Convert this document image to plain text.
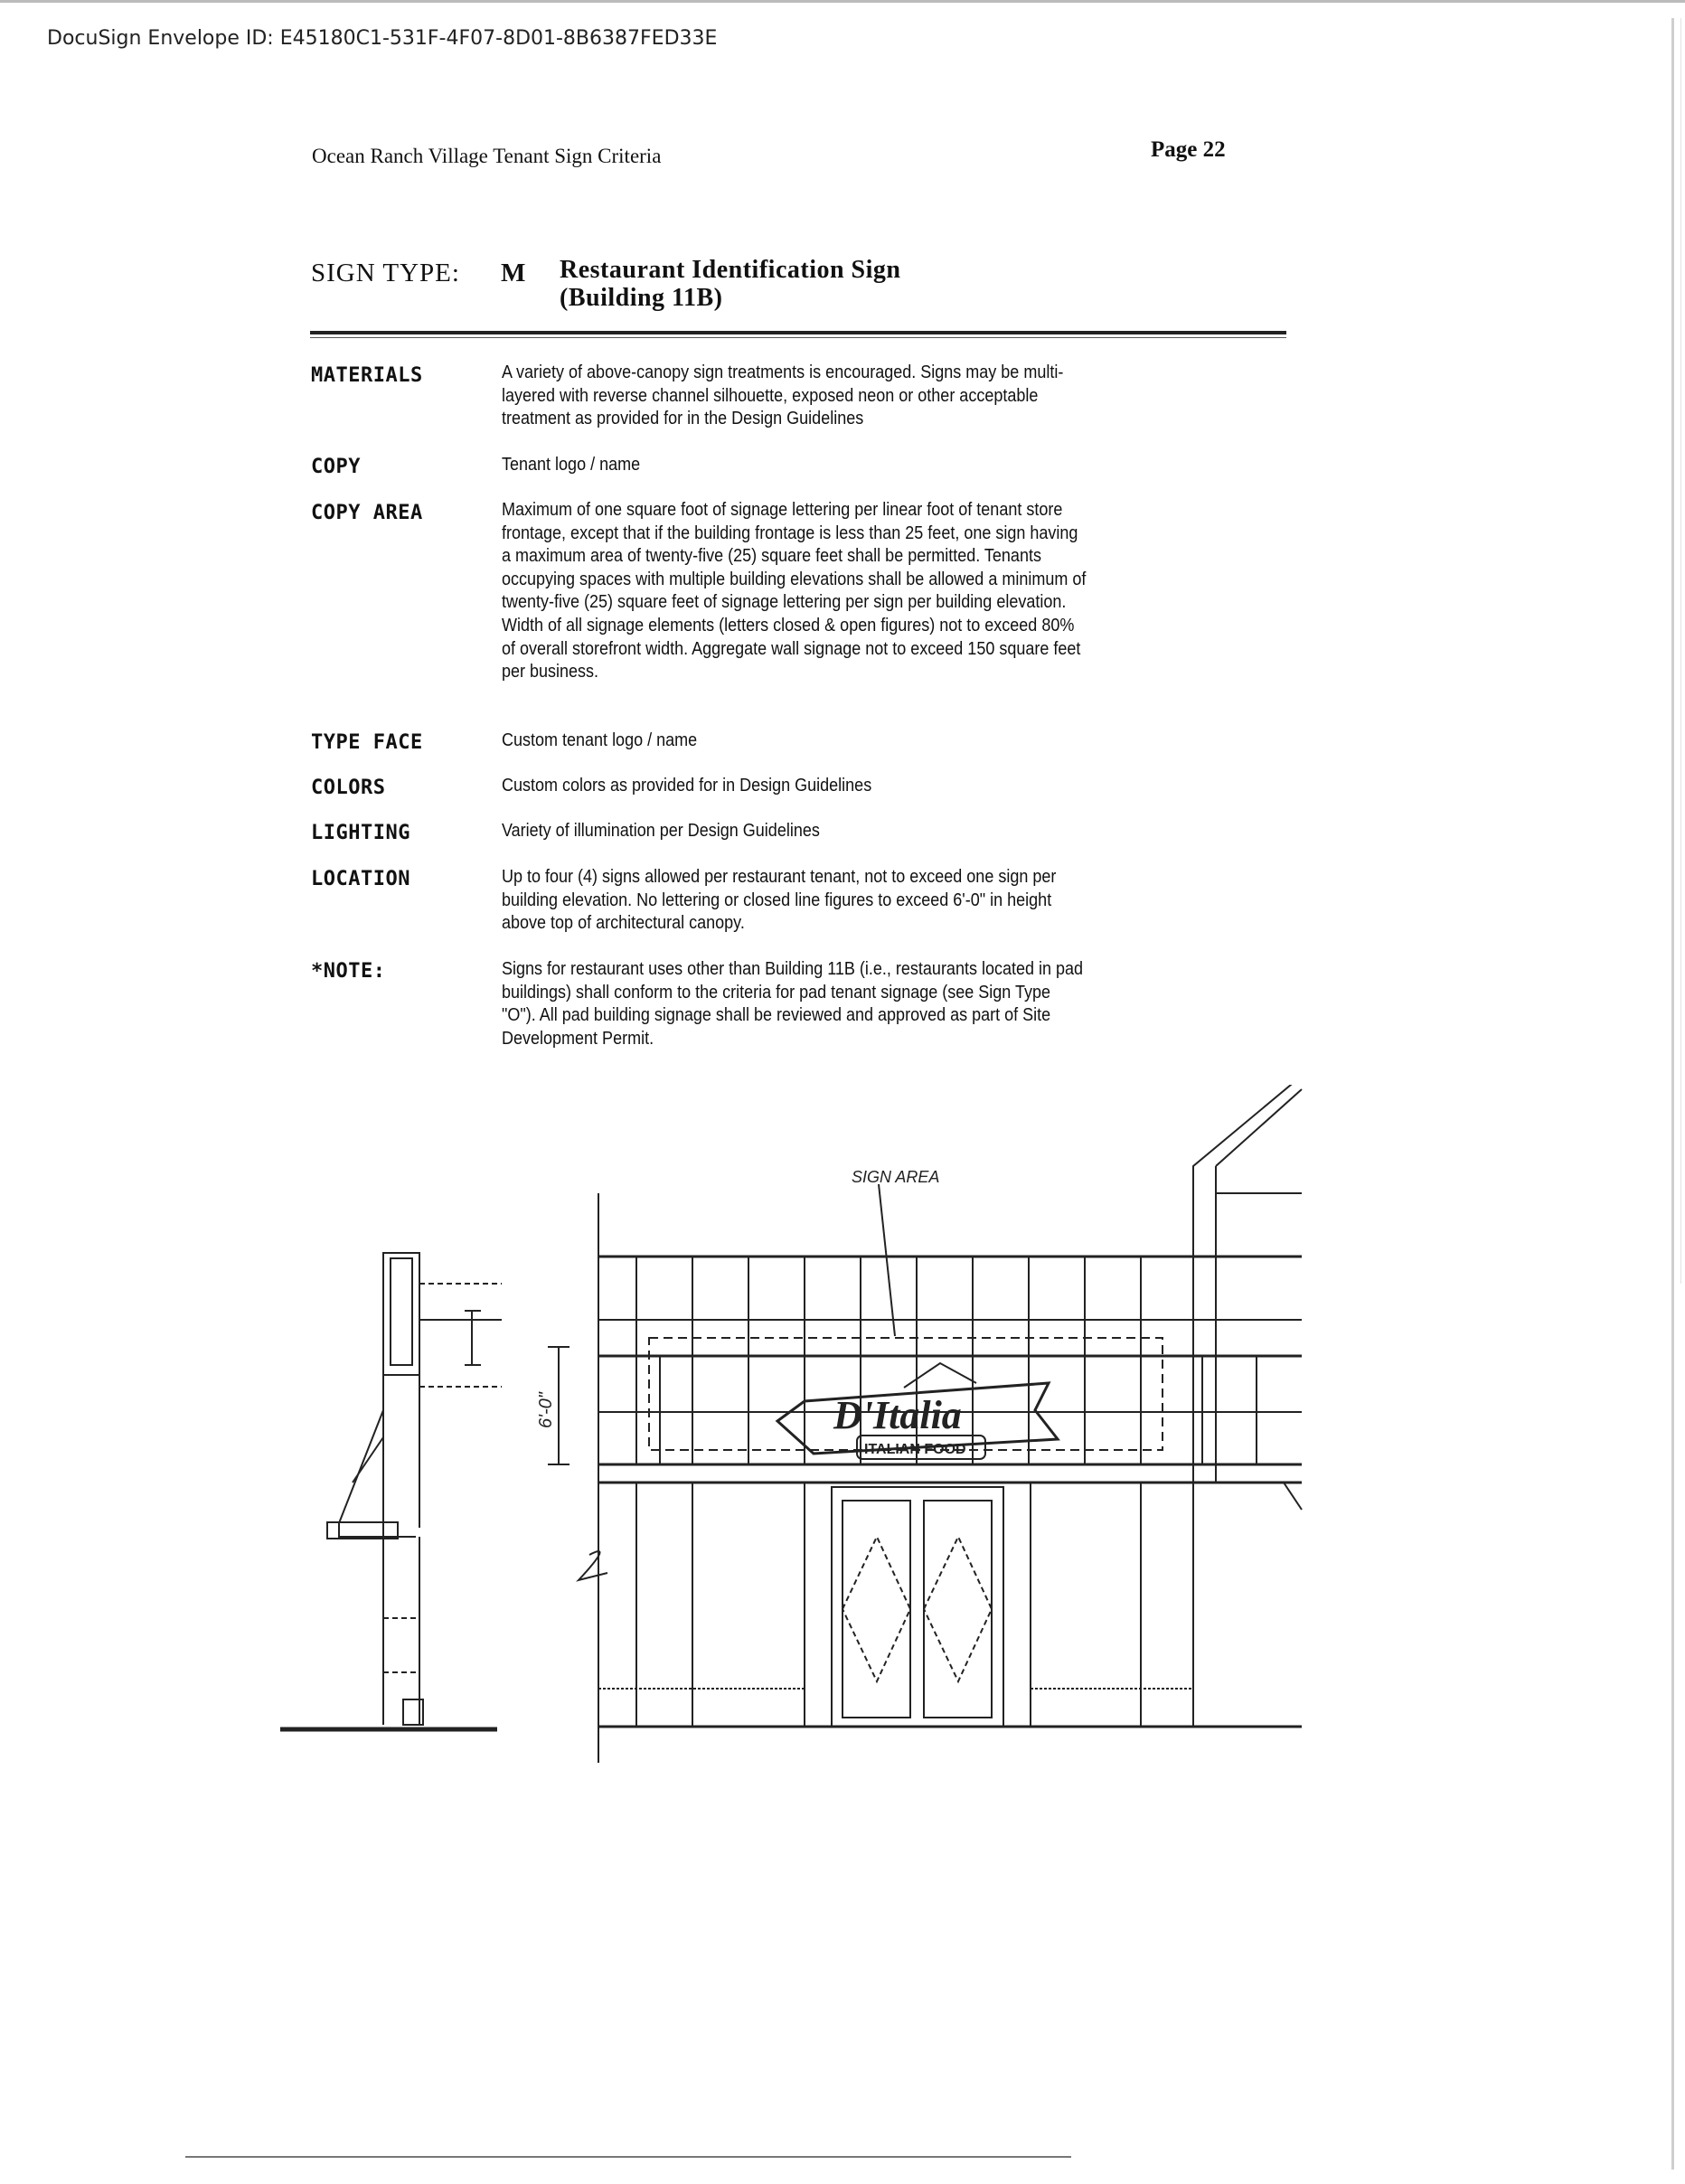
DocuSign Envelope ID: E45180C1-531F-4F07-8D01-8B6387FED33E
Ocean Ranch Village Tenant Sign Criteria	Page 22
SIGN TYPE: M Restaurant Identification Sign
(Building 11B)
MATERIALS	A variety of above-canopy sign treatments is encouraged. Signs may be multi-layered with reverse channel silhouette, exposed neon or other acceptable treatment as provided for in the Design Guidelines
COPY	Tenant logo / name
COPY AREA	Maximum of one square foot of signage lettering per linear foot of tenant store frontage, except that if the building frontage is less than 25 feet, one sign having a maximum area of twenty-five (25) square feet shall be permitted. Tenants occupying spaces with multiple building elevations shall be allowed a minimum of twenty-five (25) square feet of signage lettering per sign per building elevation. Width of all signage elements (letters closed & open figures) not to exceed 80% of overall storefront width. Aggregate wall signage not to exceed 150 square feet per business.
TYPE FACE	Custom tenant logo / name
COLORS	Custom colors as provided for in Design Guidelines
LIGHTING	Variety of illumination per Design Guidelines
LOCATION	Up to four (4) signs allowed per restaurant tenant, not to exceed one sign per building elevation. No lettering or closed line figures to exceed 6'-0" in height above top of architectural canopy.
*NOTE:	Signs for restaurant uses other than Building 11B (i.e., restaurants located in pad buildings) shall conform to the criteria for pad tenant signage (see Sign Type "O"). All pad building signage shall be reviewed and approved as part of Site Development Permit.
SIGN AREA
6'-0"	D'Italia
ITALIAN FOOD
